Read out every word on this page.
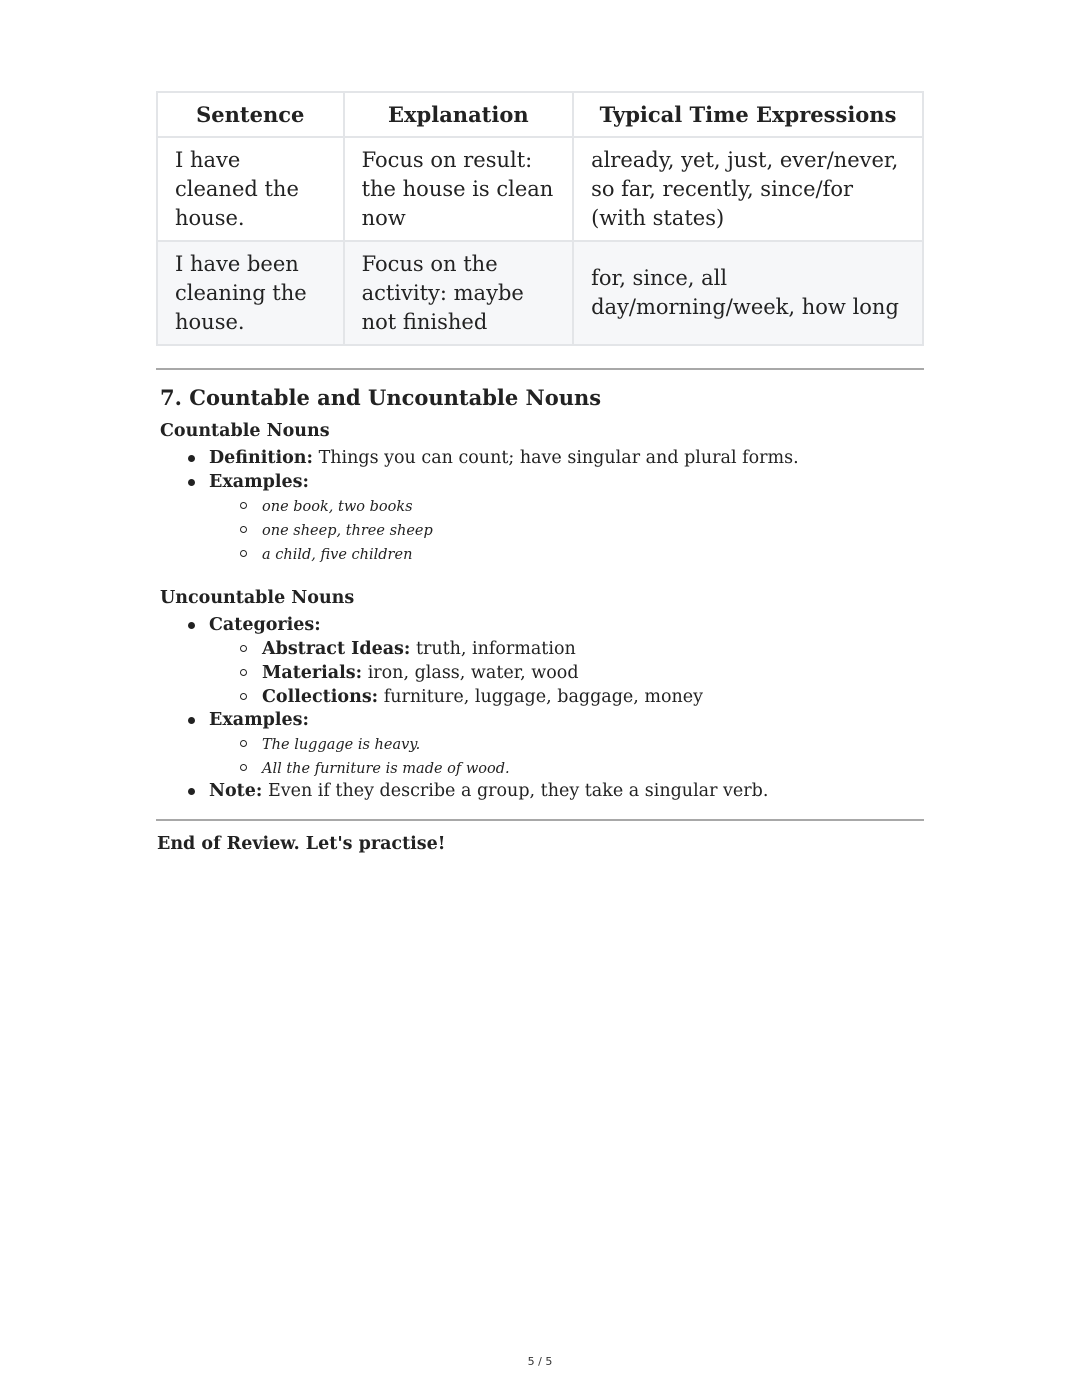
Sentence	Explanation	Typical Time Expressions
I have cleaned the house.	Focus on result: the house is clean now	already, yet, just, ever/never, so far, recently, since/for (with states)
I have been cleaning the house.	Focus on the activity: maybe not finished	for, since, all day/morning/week, how long
7. Countable and Uncountable Nouns
Countable Nouns
Definition: Things you can count; have singular and plural forms.
Examples:
one book, two books
one sheep, three sheep
a child, five children
Uncountable Nouns
Categories:
Abstract Ideas: truth, information
Materials: iron, glass, water, wood
Collections: furniture, luggage, baggage, money
Examples:
The luggage is heavy.
All the furniture is made of wood.
Note: Even if they describe a group, they take a singular verb.
End of Review. Let's practise!
5 / 5
